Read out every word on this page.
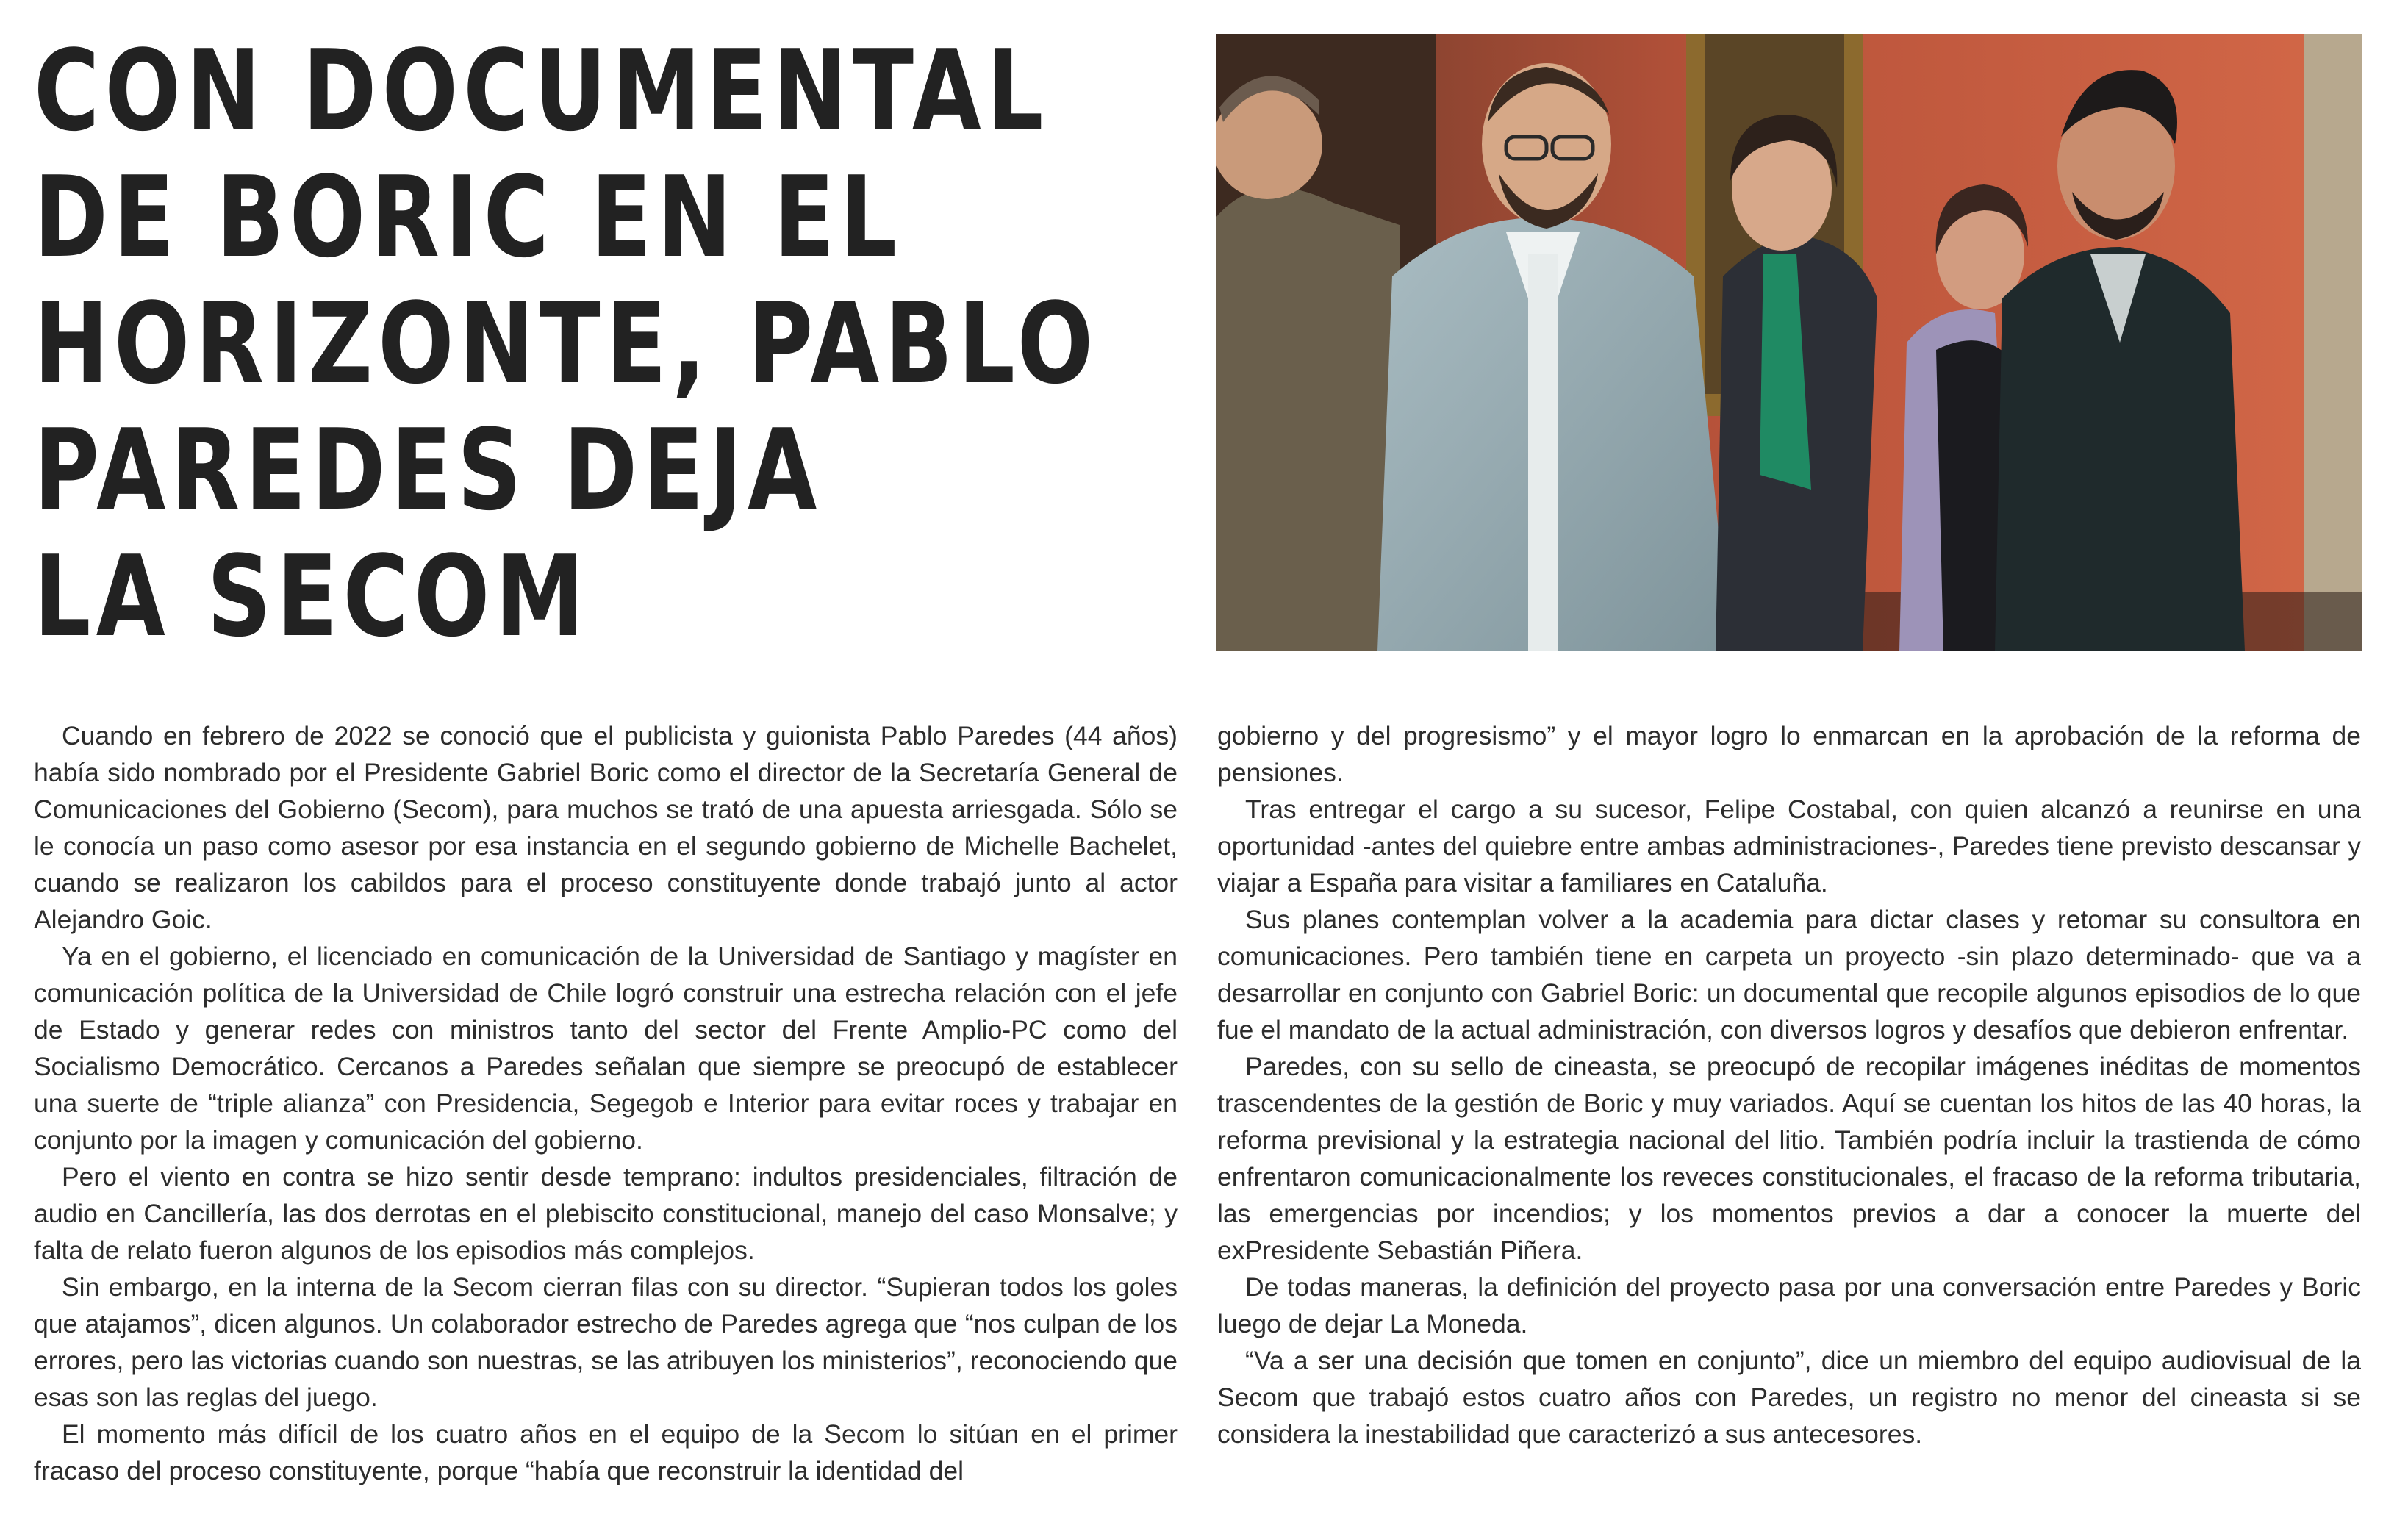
CON DOCUMENTAL
DE BORIC EN EL
HORIZONTE, PABLO
PAREDES DEJA
LA SECOM

Cuando en febrero de 2022 se conoció que el publicista y guionista Pablo Paredes (44 años) había sido nombrado por el Presidente Gabriel Boric como el director de la Secretaría General de Comunicaciones del Gobierno (Secom), para muchos se trató de una apuesta arriesgada. Sólo se le conocía un paso como asesor por esa instancia en el segundo gobierno de Michelle Bachelet, cuando se realizaron los cabildos para el proceso constituyente donde trabajó junto al actor Alejandro Goic.

Ya en el gobierno, el licenciado en comunicación de la Universidad de Santiago y magíster en comunicación política de la Universidad de Chile logró construir una estrecha relación con el jefe de Estado y generar redes con ministros tanto del sector del Frente Amplio-PC como del Socialismo Democrático. Cercanos a Paredes señalan que siempre se preocupó de establecer una suerte de “triple alianza” con Presidencia, Segegob e Interior para evitar roces y trabajar en conjunto por la imagen y comunicación del gobierno.

Pero el viento en contra se hizo sentir desde temprano: indultos presidenciales, filtración de audio en Cancillería, las dos derrotas en el plebiscito constitucional, manejo del caso Monsalve; y falta de relato fueron algunos de los episodios más complejos.

Sin embargo, en la interna de la Secom cierran filas con su director. “Supieran todos los goles que atajamos”, dicen algunos. Un colaborador estrecho de Paredes agrega que “nos culpan de los errores, pero las victorias cuando son nuestras, se las atribuyen los ministerios”, reconociendo que esas son las reglas del juego.

El momento más difícil de los cuatro años en el equipo de la Secom lo sitúan en el primer fracaso del proceso constituyente, porque “había que reconstruir la identidad del

gobierno y del progresismo” y el mayor logro lo enmarcan en la aprobación de la reforma de pensiones.

Tras entregar el cargo a su sucesor, Felipe Costabal, con quien alcanzó a reunirse en una oportunidad -antes del quiebre entre ambas administraciones-, Paredes tiene previsto descansar y viajar a España para visitar a familiares en Cataluña.

Sus planes contemplan volver a la academia para dictar clases y retomar su consultora en comunicaciones. Pero también tiene en carpeta un proyecto -sin plazo determinado- que va a desarrollar en conjunto con Gabriel Boric: un documental que recopile algunos episodios de lo que fue el mandato de la actual administración, con diversos logros y desafíos que debieron enfrentar.

Paredes, con su sello de cineasta, se preocupó de recopilar imágenes inéditas de momentos trascendentes de la gestión de Boric y muy variados. Aquí se cuentan los hitos de las 40 horas, la reforma previsional y la estrategia nacional del litio. También podría incluir la trastienda de cómo enfrentaron comunicacionalmente los reveces constitucionales, el fracaso de la reforma tributaria, las emergencias por incendios; y los momentos previos a dar a conocer la muerte del exPresidente Sebastián Piñera.

De todas maneras, la definición del proyecto pasa por una conversación entre Paredes y Boric luego de dejar La Moneda.

“Va a ser una decisión que tomen en conjunto”, dice un miembro del equipo audiovisual de la Secom que trabajó estos cuatro años con Paredes, un registro no menor del cineasta si se considera la inestabilidad que caracterizó a sus antecesores.
